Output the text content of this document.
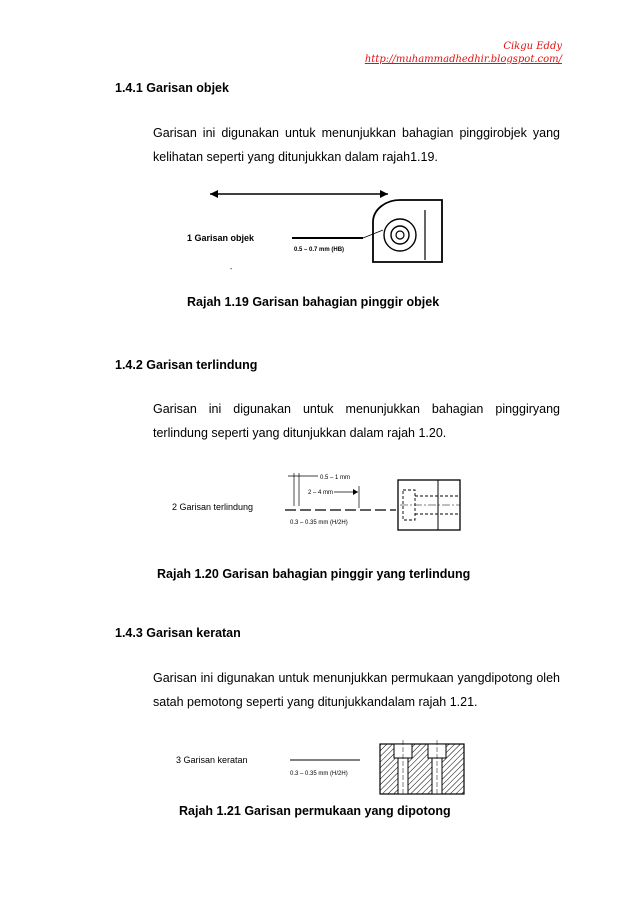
Cikgu Eddy
http://muhammadhedhir.blogspot.com/
1.4.1 Garisan objek
Garisan ini digunakan untuk menunjukkan bahagian pinggirobjek yang kelihatan seperti yang ditunjukkan dalam rajah1.19.
1 Garisan objek
0.5 – 0.7 mm (HB)
-
Rajah 1.19 Garisan bahagian pinggir objek
1.4.2 Garisan terlindung
Garisan ini digunakan untuk menunjukkan bahagian pinggiryang terlindung seperti yang ditunjukkan dalam rajah 1.20.
2 Garisan terlindung
0.5 – 1 mm
2 – 4 mm
0.3 – 0.35 mm (H/2H)
Rajah 1.20 Garisan bahagian pinggir yang terlindung
1.4.3 Garisan keratan
Garisan ini digunakan untuk menunjukkan permukaan yangdipotong oleh satah pemotong seperti yang ditunjukkandalam rajah 1.21.
3 Garisan keratan
0.3 – 0.35 mm (H/2H)
Rajah 1.21 Garisan permukaan yang dipotong
